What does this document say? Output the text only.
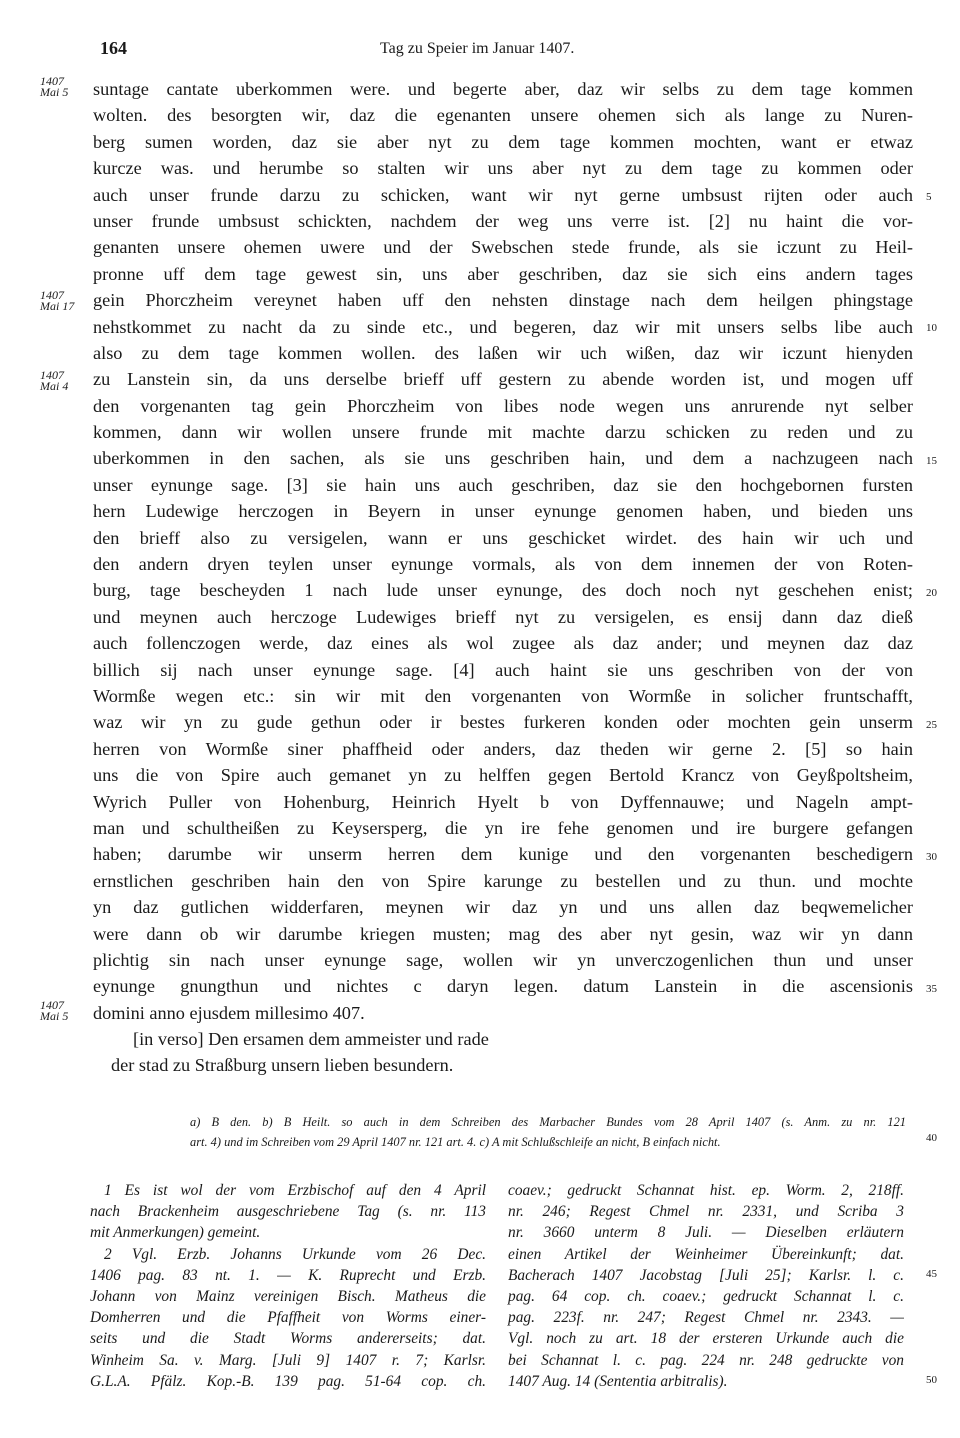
164	Tag zu Speier im Januar 1407.
1407
Mai 5
1407
Mai 17
1407
Mai 4
1407
Mai 5
suntage cantate uberkommen were. und begerte aber, daz wir selbs zu dem tage kommen
wolten. des besorgten wir, daz die egenanten unsere ohemen sich als lange zu Nuren-
berg sumen worden, daz sie aber nyt zu dem tage kommen mochten, want er etwaz
kurcze was. und herumbe so stalten wir uns aber nyt zu dem tage zu kommen oder
auch unser frunde darzu zu schicken, want wir nyt gerne umbsust rijten oder auch
unser frunde umbsust schickten, nachdem der weg uns verre ist. [2] nu haint die vor-
genanten unsere ohemen uwere und der Swebschen stede frunde, als sie iczunt zu Heil-
pronne uff dem tage gewest sin, uns aber geschriben, daz sie sich eins andern tages
gein Phorczheim vereynet haben uff den nehsten dinstage nach dem heilgen phingstage
nehstkommet zu nacht da zu sinde etc., und begeren, daz wir mit unsers selbs libe auch
also zu dem tage kommen wollen. des laßen wir uch wißen, daz wir iczunt hienyden
zu Lanstein sin, da uns derselbe brieff uff gestern zu abende worden ist, und mogen uff
den vorgenanten tag gein Phorczheim von libes node wegen uns anrurende nyt selber
kommen, dann wir wollen unsere frunde mit machte darzu schicken zu reden und zu
uberkommen in den sachen, als sie uns geschriben hain, und dem a nachzugeen nach
unser eynunge sage. [3] sie hain uns auch geschriben, daz sie den hochgebornen fursten
hern Ludewige herczogen in Beyern in unser eynunge genomen haben, und bieden uns
den brieff also zu versigelen, wann er uns geschicket wirdet. des hain wir uch und
den andern dryen teylen unser eynunge vormals, als von dem innemen der von Roten-
burg, tage bescheyden 1 nach lude unser eynunge, des doch noch nyt geschehen enist;
und meynen auch herczoge Ludewiges brieff nyt zu versigelen, es ensij dann daz dieß
auch follenczogen werde, daz eines als wol zugee als daz ander; und meynen daz daz
billich sij nach unser eynunge sage. [4] auch haint sie uns geschriben von der von
Wormße wegen etc.: sin wir mit den vorgenanten von Wormße in solicher fruntschafft,
waz wir yn zu gude gethun oder ir bestes furkeren konden oder mochten gein unserm
herren von Wormße siner phaffheid oder anders, daz theden wir gerne 2. [5] so hain
uns die von Spire auch gemanet yn zu helffen gegen Bertold Krancz von Geyßpoltsheim,
Wyrich Puller von Hohenburg, Heinrich Hyelt b von Dyffennauwe; und Nageln ampt-
man und schultheißen zu Keysersperg, die yn ire fehe genomen und ire burgere gefangen
haben; darumbe wir unserm herren dem kunige und den vorgenanten beschedigern
ernstlichen geschriben hain den von Spire karunge zu bestellen und zu thun. und mochte
yn daz gutlichen widderfaren, meynen wir daz yn und uns allen daz beqwemelicher
were dann ob wir darumbe kriegen musten; mag des aber nyt gesin, waz wir yn dann
plichtig sin nach unser eynunge sage, wollen wir yn unverczogenlichen thun und unser
eynunge gnungthun und nichtes c daryn legen. datum Lanstein in die ascensionis
domini anno ejusdem millesimo 407.
[in verso] Den ersamen dem ammeister und rade
der stad zu Straßburg unsern lieben besundern.
5
10
15
20
25
30
35
40
45
50
a) B den. b) B Heilt. so auch in dem Schreiben des Marbacher Bundes vom 28 April 1407 (s. Anm. zu nr. 121
art. 4) und im Schreiben vom 29 April 1407 nr. 121 art. 4. c) A mit Schlußschleife an nicht, B einfach nicht.
1 Es ist wol der vom Erzbischof auf den 4 April
nach Brackenheim ausgeschriebene Tag (s. nr. 113
mit Anmerkungen) gemeint.
2 Vgl. Erzb. Johanns Urkunde vom 26 Dec.
1406 pag. 83 nt. 1. — K. Ruprecht und Erzb.
Johann von Mainz vereinigen Bisch. Matheus die
Domherren und die Pfaffheit von Worms einer-
seits und die Stadt Worms andererseits; dat.
Winheim Sa. v. Marg. [Juli 9] 1407 r. 7; Karlsr.
G.L.A. Pfälz. Kop.-B. 139 pag. 51-64 cop. ch.
coaev.; gedruckt Schannat hist. ep. Worm. 2, 218ff.
nr. 246; Regest Chmel nr. 2331, und Scriba 3
nr. 3660 unterm 8 Juli. — Dieselben erläutern
einen Artikel der Weinheimer Übereinkunft; dat.
Bacherach 1407 Jacobstag [Juli 25]; Karlsr. l. c.
pag. 64 cop. ch. coaev.; gedruckt Schannat l. c.
pag. 223f. nr. 247; Regest Chmel nr. 2343. —
Vgl. noch zu art. 18 der ersteren Urkunde auch die
bei Schannat l. c. pag. 224 nr. 248 gedruckte von
1407 Aug. 14 (Sententia arbitralis).
